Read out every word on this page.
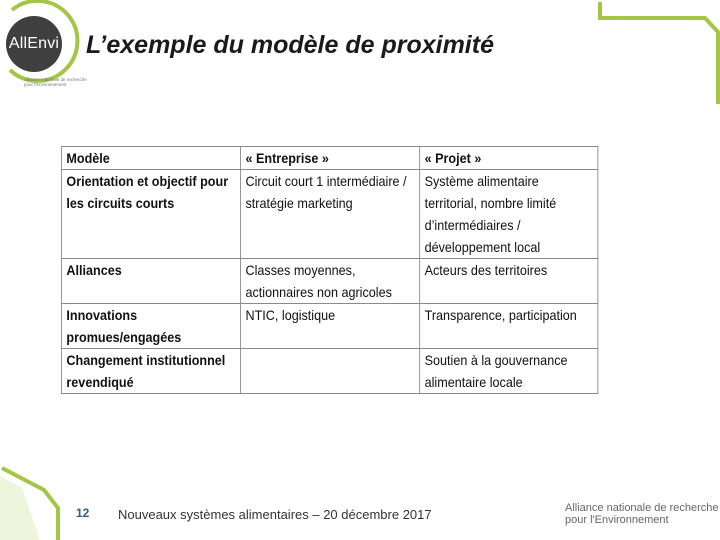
AllEnvi
Alliance nationale de recherche pour l'Environnement
L’exemple du modèle de proximité
Modèle	« Entreprise »	« Projet »
Orientation et objectif pour les circuits courts	Circuit court 1 intermédiaire / stratégie marketing	Système alimentaire territorial, nombre limité d’intermédiaires / développement local
Alliances	Classes moyennes, actionnaires non agricoles	Acteurs des territoires
Innovations promues/engagées	NTIC, logistique	Transparence, participation
Changement institutionnel revendiqué		Soutien à la gouvernance alimentaire locale
12 Nouveaux systèmes alimentaires – 20 décembre 2017	Alliance nationale de recherche
pour l'Environnement
